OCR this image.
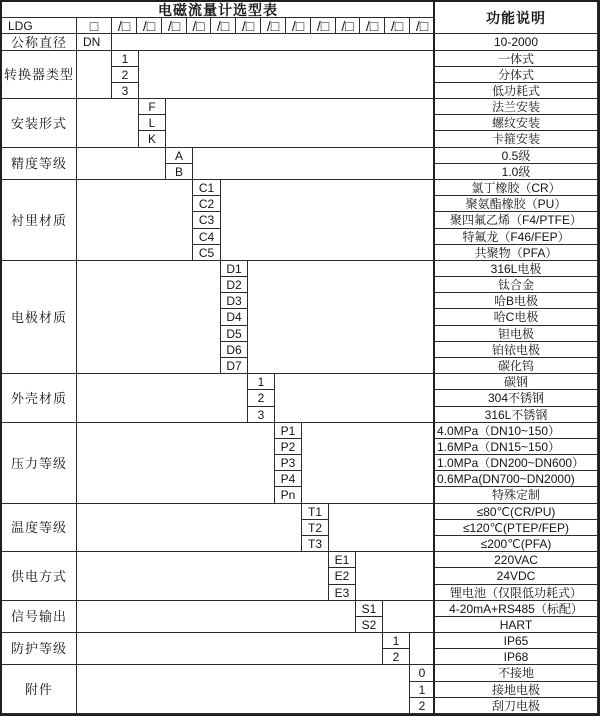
电磁流量计选型表	功能说明
LDG	□	/□ /□ /□ /□ /□ /□ /□ /□ /□ /□ /□ /□ /□
公称直径	DN	10-2000
转换器类型
1	一体式
2	分体式
3	低功耗式
安装形式
F	法兰安装
L	螺纹安装
K	卡箍安装
精度等级
A	0.5级
B	1.0级
衬里材质
C1	氯丁橡胶（CR）
C2	聚氨酯橡胶（PU）
C3	聚四氟乙烯（F4/PTFE）
C4	特氟龙（F46/FEP）
C5	共聚物（PFA）
电极材质
D1	316L电极
D2	钛合金
D3	哈B电极
D4	哈C电极
D5	钽电极
D6	铂铱电极
D7	碳化钨
外壳材质
1	碳钢
2	304不锈钢
3	316L不锈钢
压力等级
P1	4.0MPa（DN10~150）
P2	1.6MPa（DN15~150）
P3	1.0MPa（DN200~DN600）
P4	0.6MPa(DN700~DN2000)
Pn	特殊定制
温度等级
T1	≤80℃(CR/PU)
T2	≤120℃(PTEP/FEP)
T3	≤200℃(PFA)
供电方式
E1	220VAC
E2	24VDC
E3	锂电池（仅限低功耗式）
信号输出
S1	4-20mA+RS485（标配）
S2	HART
防护等级
1	IP65
2	IP68
附件
0	不接地
1	接地电极
2	刮刀电极
